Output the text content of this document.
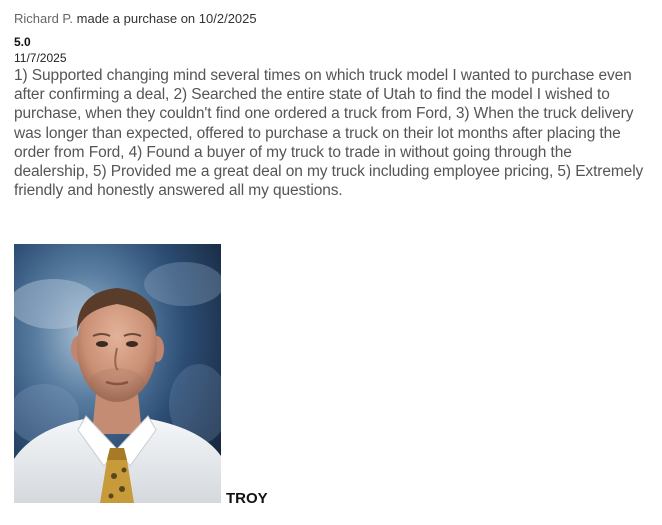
Richard P. made a purchase on 10/2/2025
5.0
11/7/2025
1) Supported changing mind several times on which truck model I wanted to purchase even after confirming a deal, 2) Searched the entire state of Utah to find the model I wished to purchase, when they couldn't find one ordered a truck from Ford, 3) When the truck delivery was longer than expected, offered to purchase a truck on their lot months after placing the order from Ford, 4) Found a buyer of my truck to trade in without going through the dealership, 5) Provided me a great deal on my truck including employee pricing, 5) Extremely friendly and honestly answered all my questions.
TROY
